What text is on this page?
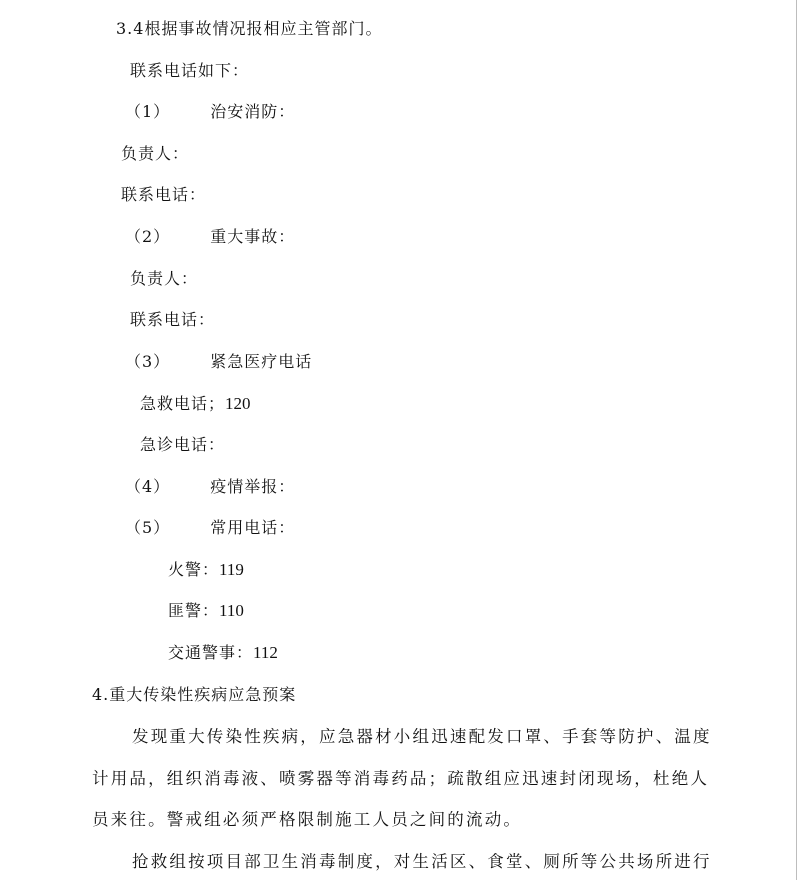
3.4根据事故情况报相应主管部门。
联系电话如下：
（1）	治安消防：
负责人：
联系电话：
（2）	重大事故：
负责人：
联系电话：
（3）	紧急医疗电话
急救电话；120
急诊电话：
（4）	疫情举报：
（5）	常用电话：
火警：119
匪警：110
交通警事：112
4.重大传染性疾病应急预案
发现重大传染性疾病，应急器材小组迅速配发口罩、手套等防护、温度
计用品，组织消毒液、喷雾器等消毒药品；疏散组应迅速封闭现场，杜绝人
员来往。警戒组必须严格限制施工人员之间的流动。
抢救组按项目部卫生消毒制度，对生活区、食堂、厕所等公共场所进行
